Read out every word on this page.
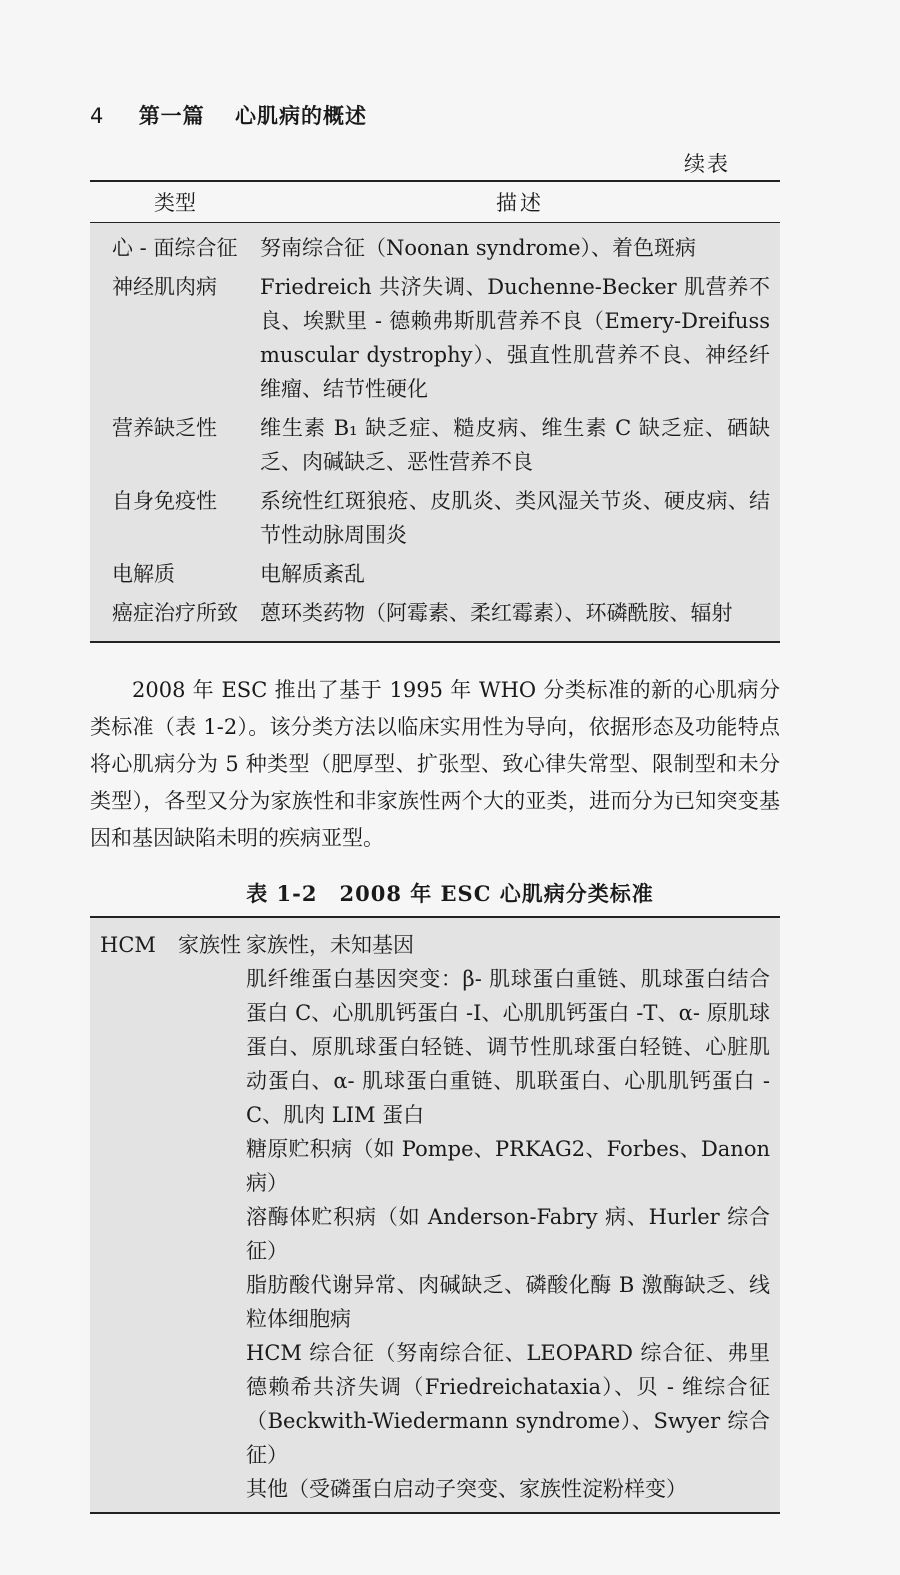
4 第一篇 心肌病的概述
续表
类型	描述
心 - 面综合征	努南综合征（Noonan syndrome）、着色斑病
神经肌肉病	Friedreich 共济失调、Duchenne-Becker 肌营养不良、埃默里 - 德赖弗斯肌营养不良（Emery-Dreifuss muscular dystrophy）、强直性肌营养不良、神经纤维瘤、结节性硬化
营养缺乏性	维生素 B₁ 缺乏症、糙皮病、维生素 C 缺乏症、硒缺乏、肉碱缺乏、恶性营养不良
自身免疫性	系统性红斑狼疮、皮肌炎、类风湿关节炎、硬皮病、结节性动脉周围炎
电解质	电解质紊乱
癌症治疗所致	蒽环类药物（阿霉素、柔红霉素）、环磷酰胺、辐射
2008 年 ESC 推出了基于 1995 年 WHO 分类标准的新的心肌病分类标准（表 1-2）。该分类方法以临床实用性为导向，依据形态及功能特点将心肌病分为 5 种类型（肥厚型、扩张型、致心律失常型、限制型和未分类型），各型又分为家族性和非家族性两个大的亚类，进而分为已知突变基因和基因缺陷未明的疾病亚型。
表 1-2　2008 年 ESC 心肌病分类标准
HCM	家族性 家族性，未知基因
肌纤维蛋白基因突变：β- 肌球蛋白重链、肌球蛋白结合蛋白 C、心肌肌钙蛋白 -I、心肌肌钙蛋白 -T、α- 原肌球蛋白、原肌球蛋白轻链、调节性肌球蛋白轻链、心脏肌动蛋白、α- 肌球蛋白重链、肌联蛋白、心肌肌钙蛋白 -C、肌肉 LIM 蛋白
糖原贮积病（如 Pompe、PRKAG2、Forbes、Danon 病）
溶酶体贮积病（如 Anderson-Fabry 病、Hurler 综合征）
脂肪酸代谢异常、肉碱缺乏、磷酸化酶 B 激酶缺乏、线粒体细胞病
HCM 综合征（努南综合征、LEOPARD 综合征、弗里德赖希共济失调（Friedreichataxia）、贝 - 维综合征（Beckwith-Wiedermann syndrome）、Swyer 综合征）
其他（受磷蛋白启动子突变、家族性淀粉样变）
